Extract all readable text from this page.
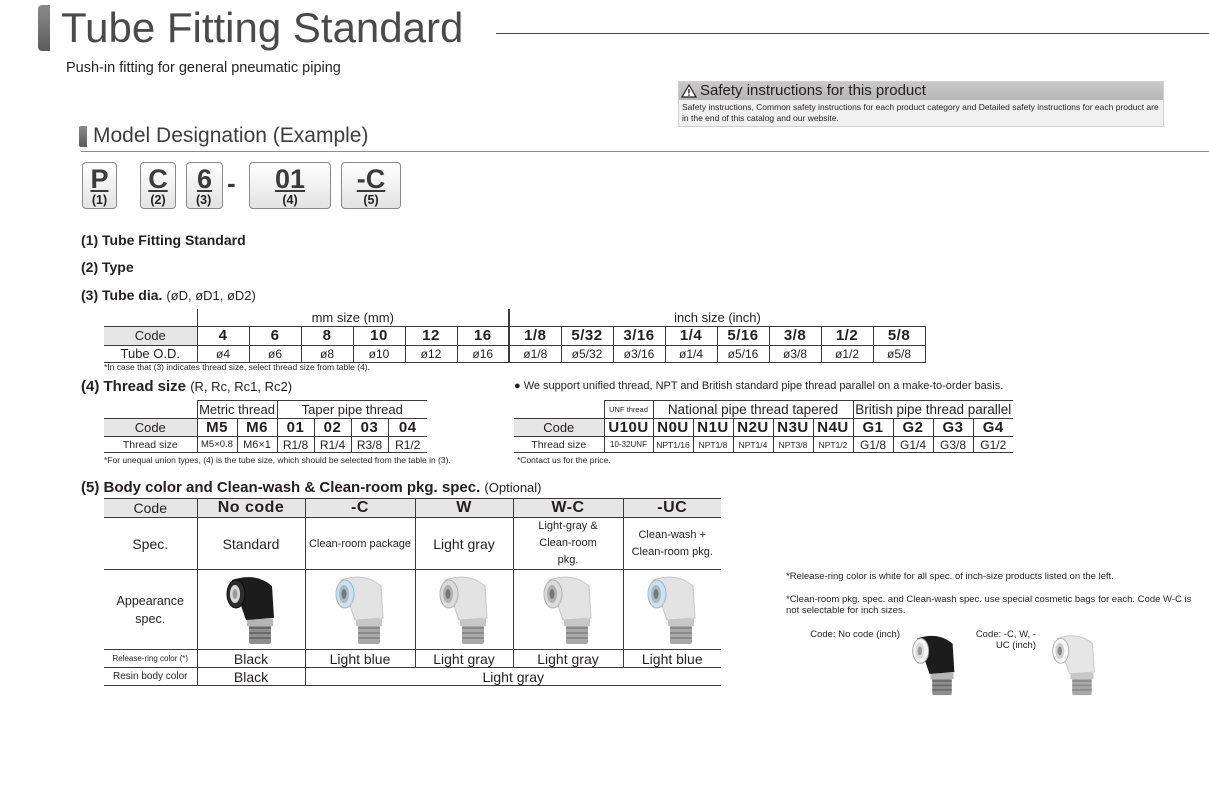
Tube Fitting Standard
Push-in fitting for general pneumatic piping
Safety instructions for this product
Safety instructions, Common safety instructions for each product category and Detailed safety instructions for each product are in the end of this catalog and our website.
Model Designation (Example)
P
(1)
C
(2)
6
(3)
-	01
(4)
-C
(5)
(1) Tube Fitting Standard
(2) Type
(3) Tube dia. (øD, øD1, øD2)
	mm size (mm)						inch size (inch)							
Code	4	6	8	10	12	16	1/8	5/32	3/16	1/4	5/16	3/8	1/2	5/8
Tube O.D.	ø4	ø6	ø8	ø10	ø12	ø16	ø1/8	ø5/32	ø3/16	ø1/4	ø5/16	ø3/8	ø1/2	ø5/8
*In case that (3) indicates thread size, select thread size from table (4).
(4) Thread size (R, Rc, Rc1, Rc2)	● We support unified thread, NPT and British standard pipe thread parallel on a make-to-order basis.
	Metric thread		Taper pipe thread			
Code	M5	M6	01	02	03	04
Thread size	M5×0.8	M6×1	R1/8	R1/4	R3/8	R1/2
*For unequal union types, (4) is the tube size, which should be selected from the table in (3).
	UNF thread	National pipe thread tapered					British pipe thread parallel			
Code	U10U	N0U	N1U	N2U	N3U	N4U	G1	G2	G3	G4
Thread size	10-32UNF	NPT1/16	NPT1/8	NPT1/4	NPT3/8	NPT1/2	G1/8	G1/4	G3/8	G1/2
*Contact us for the price.
(5) Body color and Clean-wash & Clean-room pkg. spec. (Optional)
Code	No code	-C	W	W-C	-UC
Spec.	Standard	Clean-room package	Light gray	Light-gray & Clean-room pkg.	Clean-wash + Clean-room pkg.
Appearance spec.	

Release-ring color (*)	Black	Light blue	Light gray	Light gray	Light blue
Resin body color	Black	Light gray			
*Release-ring color is white for all spec. of inch-size products listed on the left.
*Clean-room pkg. spec. and Clean-wash spec. use special cosmetic bags for each. Code W-C is not selectable for inch sizes.
Code: No code (inch)	Code: -C, W, -UC (inch)
